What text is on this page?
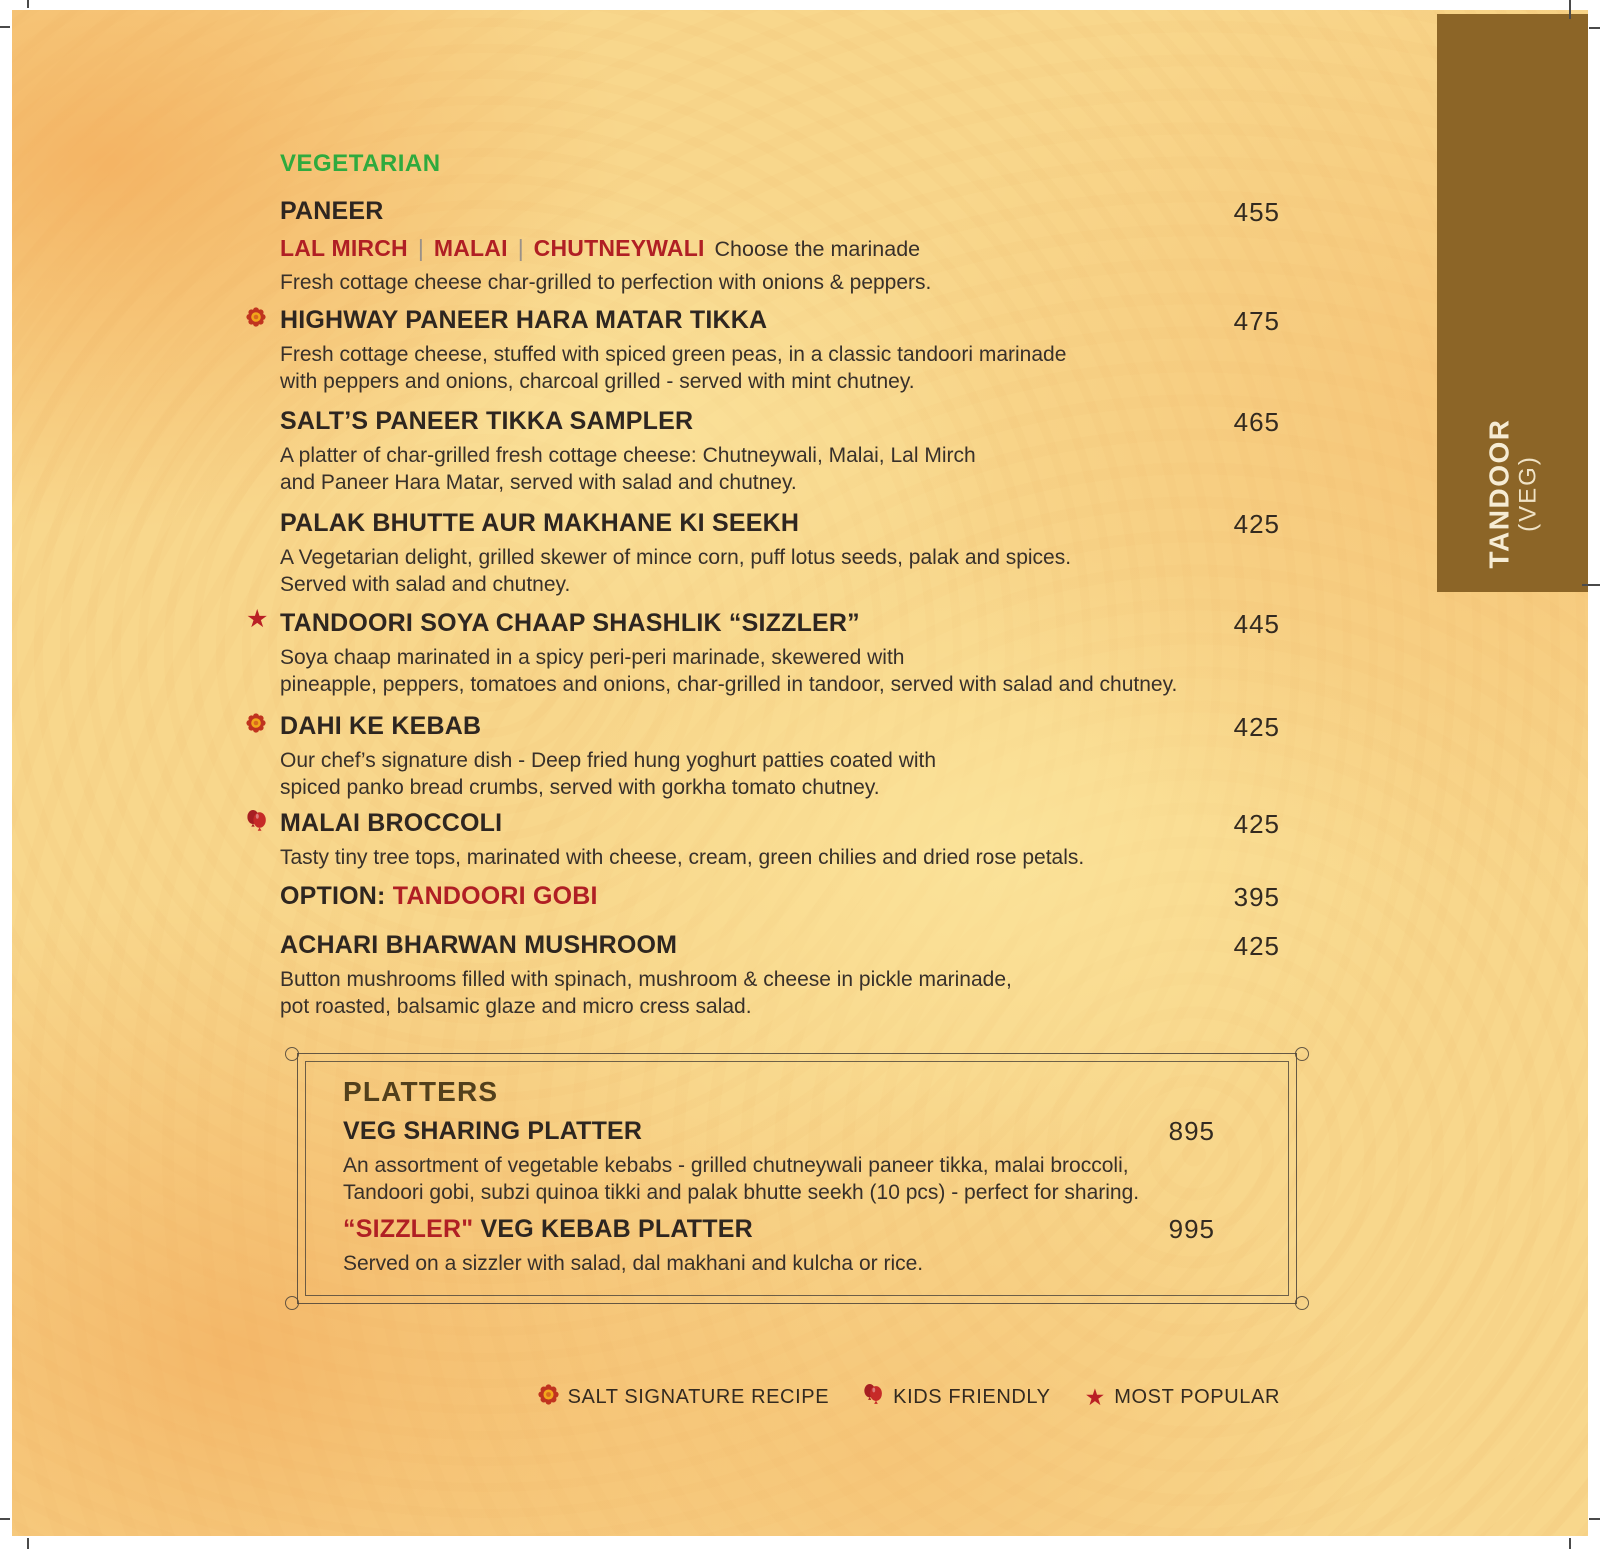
VEGETARIAN
PANEER	455
LAL MIRCH | MALAI | CHUTNEYWALI Choose the marinade

Fresh cottage cheese char-grilled to perfection with onions & peppers.

HIGHWAY PANEER HARA MATAR TIKKA	475

Fresh cottage cheese, stuffed with spiced green peas, in a classic tandoori marinade

with peppers and onions, charcoal grilled - served with mint chutney.

SALT’S PANEER TIKKA SAMPLER	465

A platter of char-grilled fresh cottage cheese: Chutneywali, Malai, Lal Mirch

and Paneer Hara Matar, served with salad and chutney.

PALAK BHUTTE AUR MAKHANE KI SEEKH	425

A Vegetarian delight, grilled skewer of mince corn, puff lotus seeds, palak and spices.

Served with salad and chutney.

★ TANDOORI SOYA CHAAP SHASHLIK “SIZZLER”	445

Soya chaap marinated in a spicy peri-peri marinade, skewered with

pineapple, peppers, tomatoes and onions, char-grilled in tandoor, served with salad and chutney.

DAHI KE KEBAB	425

Our chef’s signature dish - Deep fried hung yoghurt patties coated with

spiced panko bread crumbs, served with gorkha tomato chutney.

MALAI BROCCOLI	425

Tasty tiny tree tops, marinated with cheese, cream, green chilies and dried rose petals.

OPTION: TANDOORI GOBI	395
ACHARI BHARWAN MUSHROOM	425

Button mushrooms filled with spinach, mushroom & cheese in pickle marinade,

pot roasted, balsamic glaze and micro cress salad.

PLATTERS
VEG SHARING PLATTER	895

An assortment of vegetable kebabs - grilled chutneywali paneer tikka, malai broccoli,

Tandoori gobi, subzi quinoa tikki and palak bhutte seekh (10 pcs) - perfect for sharing.

“SIZZLER" VEG KEBAB PLATTER	995

Served on a sizzler with salad, dal makhani and kulcha or rice.

SALT SIGNATURE RECIPE	KIDS FRIENDLY ★ MOST POPULAR
TANDOOR (VEG)
